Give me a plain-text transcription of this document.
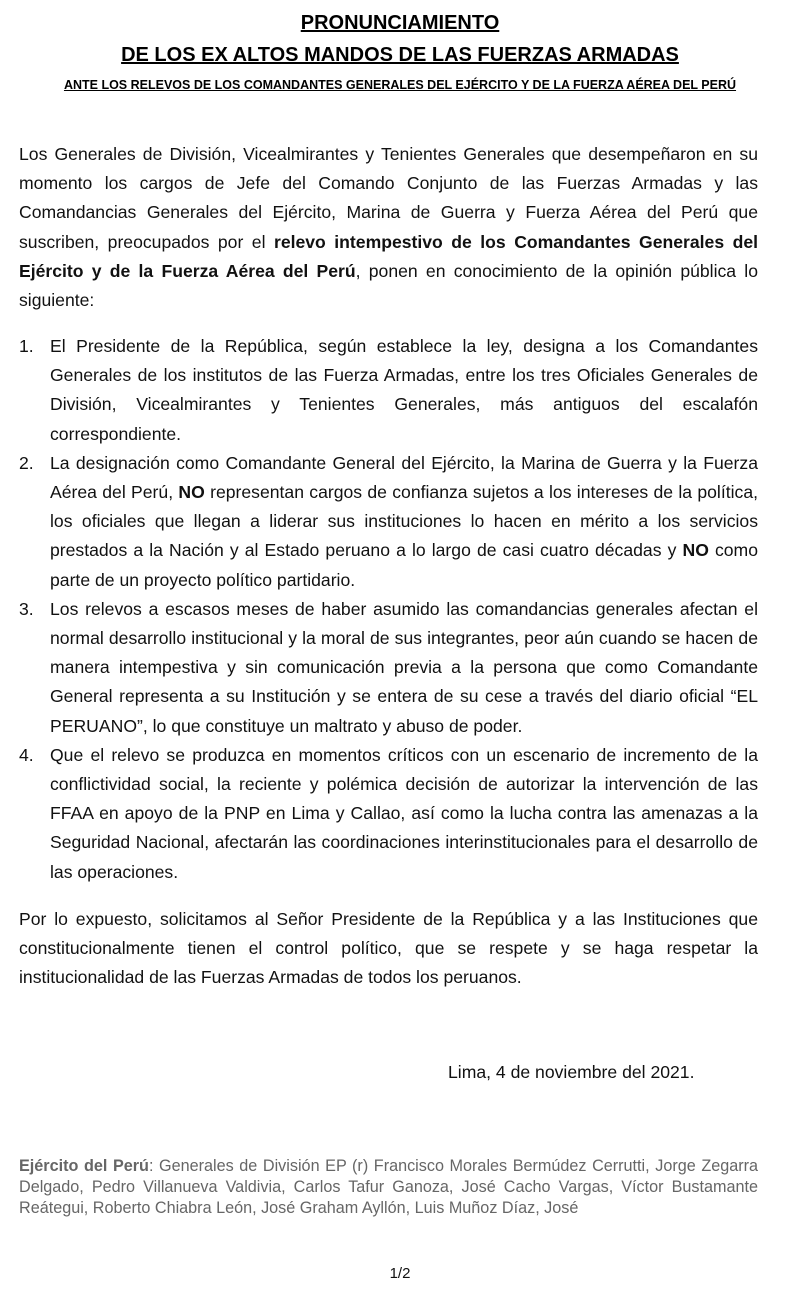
PRONUNCIAMIENTO
DE LOS EX ALTOS MANDOS DE LAS FUERZAS ARMADAS
ANTE LOS RELEVOS DE LOS COMANDANTES GENERALES DEL EJÉRCITO Y DE LA FUERZA AÉREA DEL PERÚ

Los Generales de División, Vicealmirantes y Tenientes Generales que desempeñaron en su momento los cargos de Jefe del Comando Conjunto de las Fuerzas Armadas y las Comandancias Generales del Ejército, Marina de Guerra y Fuerza Aérea del Perú que suscriben, preocupados por el relevo intempestivo de los Comandantes Generales del Ejército y de la Fuerza Aérea del Perú, ponen en conocimiento de la opinión pública lo siguiente:

1. El Presidente de la República, según establece la ley, designa a los Comandantes Generales de los institutos de las Fuerza Armadas, entre los tres Oficiales Generales de División, Vicealmirantes y Tenientes Generales, más antiguos del escalafón correspondiente.
2. La designación como Comandante General del Ejército, la Marina de Guerra y la Fuerza Aérea del Perú, NO representan cargos de confianza sujetos a los intereses de la política, los oficiales que llegan a liderar sus instituciones lo hacen en mérito a los servicios prestados a la Nación y al Estado peruano a lo largo de casi cuatro décadas y NO como parte de un proyecto político partidario.
3. Los relevos a escasos meses de haber asumido las comandancias generales afectan el normal desarrollo institucional y la moral de sus integrantes, peor aún cuando se hacen de manera intempestiva y sin comunicación previa a la persona que como Comandante General representa a su Institución y se entera de su cese a través del diario oficial “EL PERUANO”, lo que constituye un maltrato y abuso de poder.
4. Que el relevo se produzca en momentos críticos con un escenario de incremento de la conflictividad social, la reciente y polémica decisión de autorizar la intervención de las FFAA en apoyo de la PNP en Lima y Callao, así como la lucha contra las amenazas a la Seguridad Nacional, afectarán las coordinaciones interinstitucionales para el desarrollo de las operaciones.

Por lo expuesto, solicitamos al Señor Presidente de la República y a las Instituciones que constitucionalmente tienen el control político, que se respete y se haga respetar la institucionalidad de las Fuerzas Armadas de todos los peruanos.

Lima, 4 de noviembre del 2021.

Ejército del Perú: Generales de División EP (r) Francisco Morales Bermúdez Cerrutti, Jorge Zegarra Delgado, Pedro Villanueva Valdivia, Carlos Tafur Ganoza, José Cacho Vargas, Víctor Bustamante Reátegui, Roberto Chiabra León, José Graham Ayllón, Luis Muñoz Díaz, José

1/2
